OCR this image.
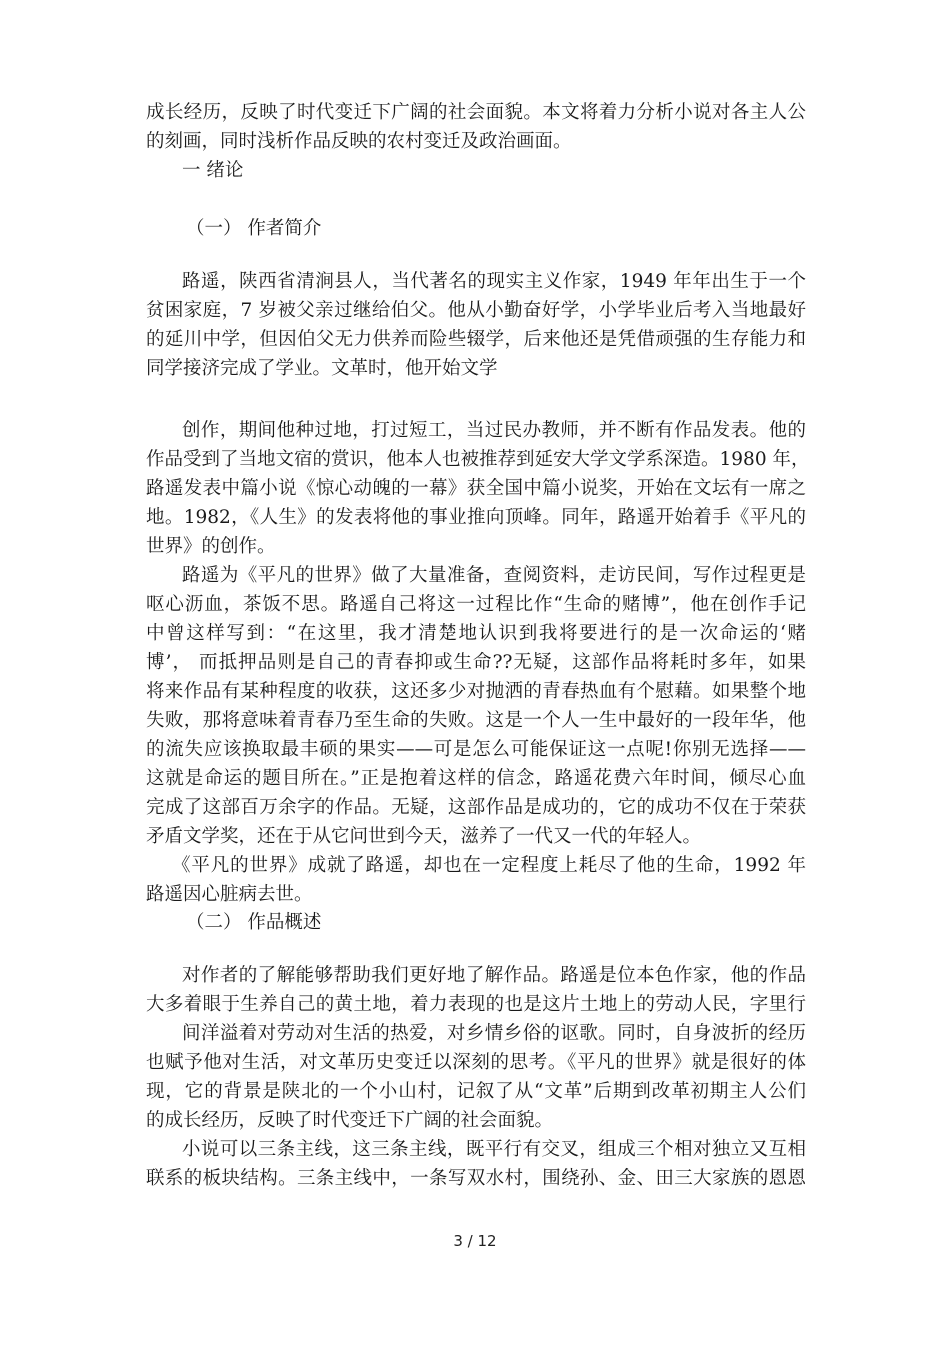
成长经历，反映了时代变迁下广阔的社会面貌。本文将着力分析小说对各主人公
的刻画，同时浅析作品反映的农村变迁及政治画面。
一 绪论
（一） 作者简介
路遥，陕西省清涧县人，当代著名的现实主义作家，1949 年年出生于一个
贫困家庭，7 岁被父亲过继给伯父。他从小勤奋好学，小学毕业后考入当地最好
的延川中学，但因伯父无力供养而险些辍学，后来他还是凭借顽强的生存能力和
同学接济完成了学业。文革时，他开始文学
创作，期间他种过地，打过短工，当过民办教师，并不断有作品发表。他的
作品受到了当地文宿的赏识，他本人也被推荐到延安大学文学系深造。1980 年，
路遥发表中篇小说《惊心动魄的一幕》获全国中篇小说奖，开始在文坛有一席之
地。1982，《人生》的发表将他的事业推向顶峰。同年，路遥开始着手《平凡的
世界》的创作。
路遥为《平凡的世界》做了大量准备，查阅资料，走访民间，写作过程更是
呕心沥血，茶饭不思。路遥自己将这一过程比作“生命的赌博”，他在创作手记
中曾这样写到：“在这里，我才清楚地认识到我将要进行的是一次命运的‘赌
博’， 而抵押品则是自己的青春抑或生命??无疑，这部作品将耗时多年，如果
将来作品有某种程度的收获，这还多少对抛洒的青春热血有个慰藉。如果整个地
失败，那将意味着青春乃至生命的失败。这是一个人一生中最好的一段年华，他
的流失应该换取最丰硕的果实——可是怎么可能保证这一点呢!你别无选择——
这就是命运的题目所在。”正是抱着这样的信念，路遥花费六年时间，倾尽心血
完成了这部百万余字的作品。无疑，这部作品是成功的，它的成功不仅在于荣获
矛盾文学奖，还在于从它问世到今天，滋养了一代又一代的年轻人。
《平凡的世界》成就了路遥，却也在一定程度上耗尽了他的生命，1992 年
路遥因心脏病去世。
（二） 作品概述
对作者的了解能够帮助我们更好地了解作品。路遥是位本色作家，他的作品
大多着眼于生养自己的黄土地，着力表现的也是这片土地上的劳动人民，字里行
间洋溢着对劳动对生活的热爱，对乡情乡俗的讴歌。同时，自身波折的经历
也赋予他对生活，对文革历史变迁以深刻的思考。《平凡的世界》就是很好的体
现，它的背景是陕北的一个小山村，记叙了从“文革”后期到改革初期主人公们
的成长经历，反映了时代变迁下广阔的社会面貌。
小说可以三条主线，这三条主线，既平行有交叉，组成三个相对独立又互相
联系的板块结构。三条主线中，一条写双水村，围绕孙、金、田三大家族的恩恩
3 / 12
